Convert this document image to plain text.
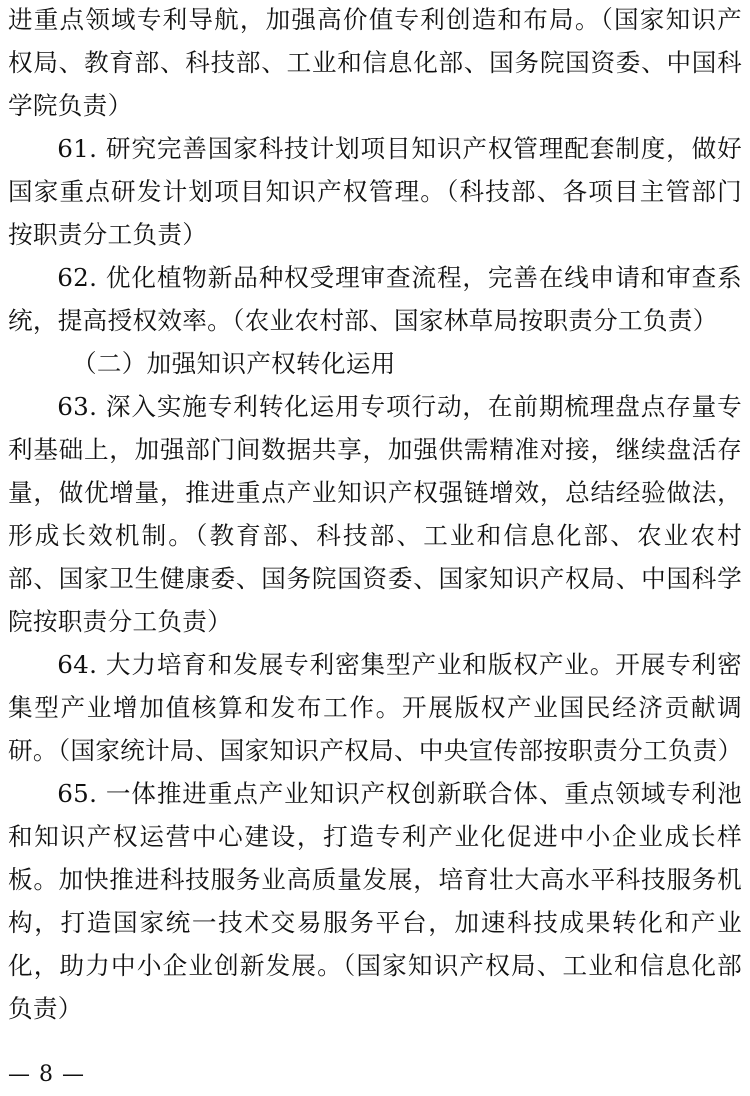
进重点领域专利导航，加强高价值专利创造和布局。（国家知识产权局、教育部、科技部、工业和信息化部、国务院国资委、中国科学院负责）

61. 研究完善国家科技计划项目知识产权管理配套制度，做好国家重点研发计划项目知识产权管理。（科技部、各项目主管部门按职责分工负责）

62. 优化植物新品种权受理审查流程，完善在线申请和审查系统，提高授权效率。（农业农村部、国家林草局按职责分工负责）

（二）加强知识产权转化运用

63. 深入实施专利转化运用专项行动，在前期梳理盘点存量专利基础上，加强部门间数据共享，加强供需精准对接，继续盘活存量，做优增量，推进重点产业知识产权强链增效，总结经验做法，形成长效机制。（教育部、科技部、工业和信息化部、农业农村部、国家卫生健康委、国务院国资委、国家知识产权局、中国科学院按职责分工负责）

64. 大力培育和发展专利密集型产业和版权产业。开展专利密集型产业增加值核算和发布工作。开展版权产业国民经济贡献调研。（国家统计局、国家知识产权局、中央宣传部按职责分工负责）

65. 一体推进重点产业知识产权创新联合体、重点领域专利池和知识产权运营中心建设，打造专利产业化促进中小企业成长样板。加快推进科技服务业高质量发展，培育壮大高水平科技服务机构，打造国家统一技术交易服务平台，加速科技成果转化和产业化，助力中小企业创新发展。（国家知识产权局、工业和信息化部负责）

— 8 —
